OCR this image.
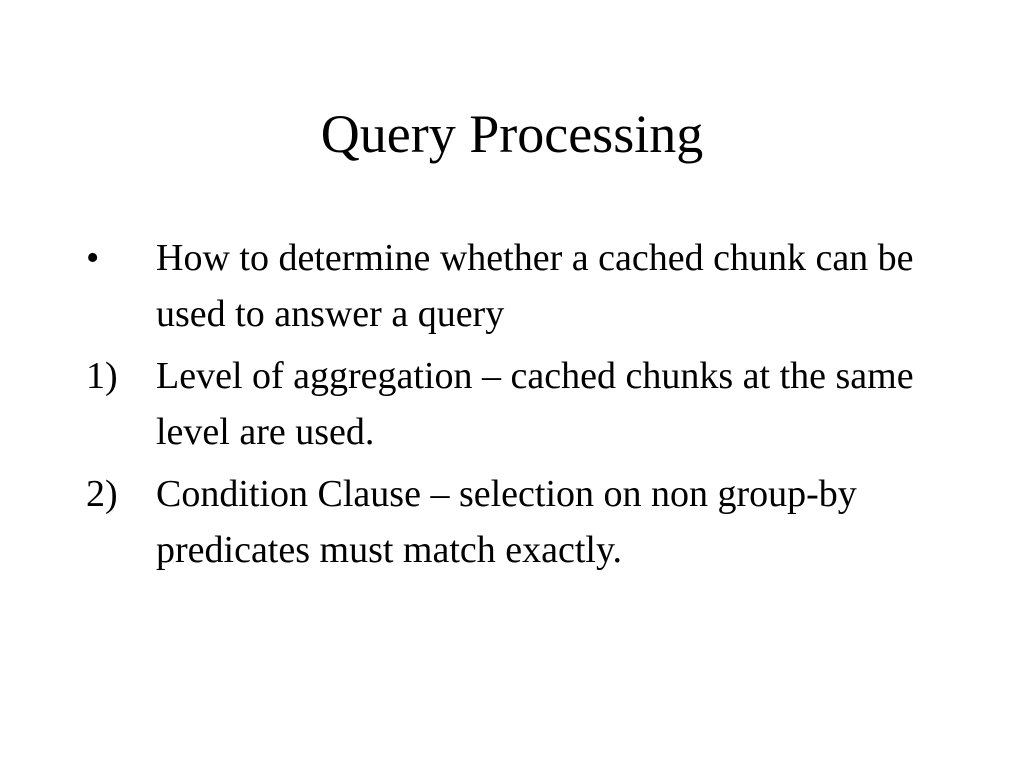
Query Processing
•	How to determine whether a cached chunk can be used to answer a query
1)	Level of aggregation – cached chunks at the same level are used.
2)	Condition Clause – selection on non group-by predicates must match exactly.
